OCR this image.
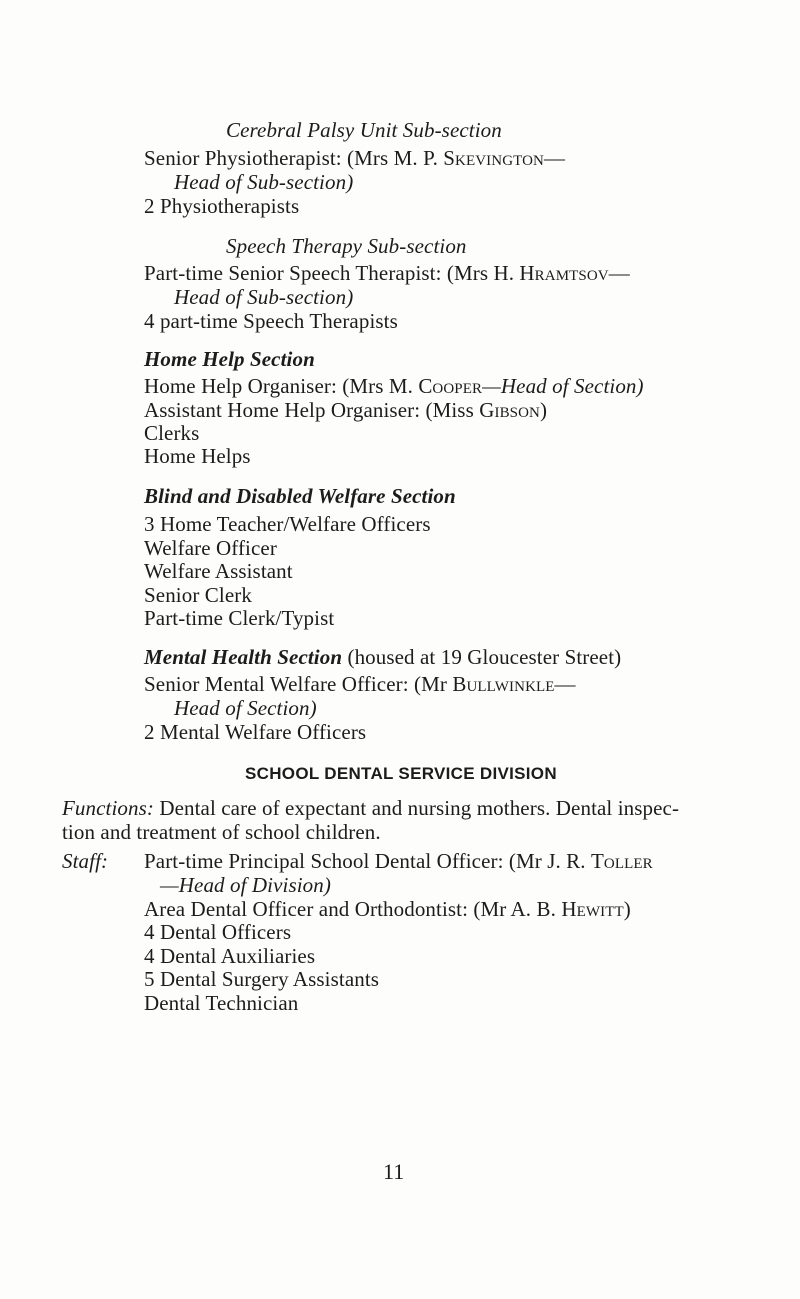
Cerebral Palsy Unit Sub-section
Senior Physiotherapist: (Mrs M. P. Skevington—
Head of Sub-section)
2 Physiotherapists
Speech Therapy Sub-section
Part-time Senior Speech Therapist: (Mrs H. Hramtsov—
Head of Sub-section)
4 part-time Speech Therapists
Home Help Section
Home Help Organiser: (Mrs M. Cooper—Head of Section)
Assistant Home Help Organiser: (Miss Gibson)
Clerks
Home Helps
Blind and Disabled Welfare Section
3 Home Teacher/Welfare Officers
Welfare Officer
Welfare Assistant
Senior Clerk
Part-time Clerk/Typist
Mental Health Section (housed at 19 Gloucester Street)
Senior Mental Welfare Officer: (Mr Bullwinkle—
Head of Section)
2 Mental Welfare Officers
SCHOOL DENTAL SERVICE DIVISION
Functions: Dental care of expectant and nursing mothers. Dental inspec-
tion and treatment of school children.
Staff: Part-time Principal School Dental Officer: (Mr J. R. Toller
—Head of Division)
Area Dental Officer and Orthodontist: (Mr A. B. Hewitt)
4 Dental Officers
4 Dental Auxiliaries
5 Dental Surgery Assistants
Dental Technician
11
